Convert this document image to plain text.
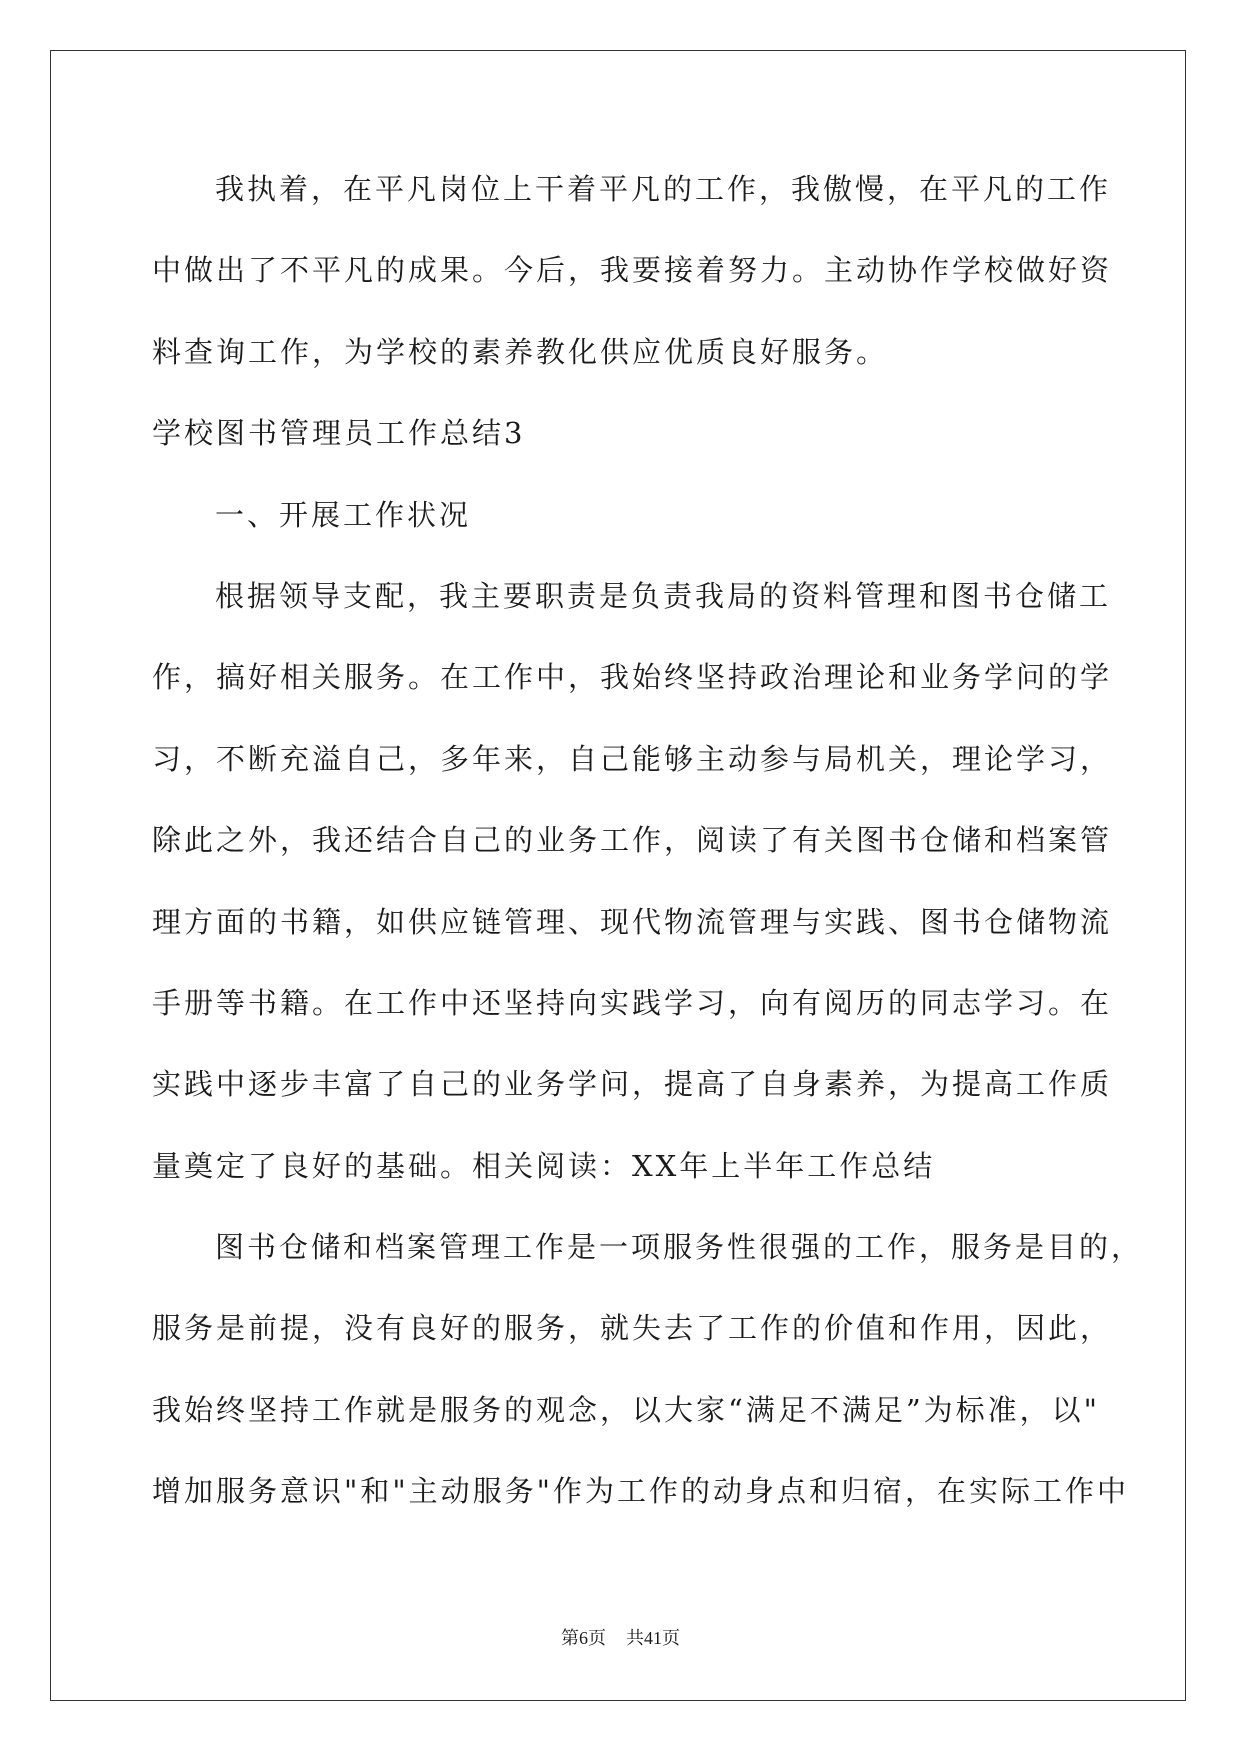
我执着，在平凡岗位上干着平凡的工作，我傲慢，在平凡的工作
中做出了不平凡的成果。今后，我要接着努力。主动协作学校做好资
料查询工作，为学校的素养教化供应优质良好服务。
学校图书管理员工作总结3
一、开展工作状况
根据领导支配，我主要职责是负责我局的资料管理和图书仓储工
作，搞好相关服务。在工作中，我始终坚持政治理论和业务学问的学
习，不断充溢自己，多年来，自己能够主动参与局机关，理论学习，
除此之外，我还结合自己的业务工作，阅读了有关图书仓储和档案管
理方面的书籍，如供应链管理、现代物流管理与实践、图书仓储物流
手册等书籍。在工作中还坚持向实践学习，向有阅历的同志学习。在
实践中逐步丰富了自己的业务学问，提高了自身素养，为提高工作质
量奠定了良好的基础。相关阅读：XX年上半年工作总结
图书仓储和档案管理工作是一项服务性很强的工作，服务是目的，
服务是前提，没有良好的服务，就失去了工作的价值和作用，因此，
我始终坚持工作就是服务的观念，以大家“满足不满足”为标准，以"
增加服务意识"和"主动服务"作为工作的动身点和归宿，在实际工作中
第6页 共41页
